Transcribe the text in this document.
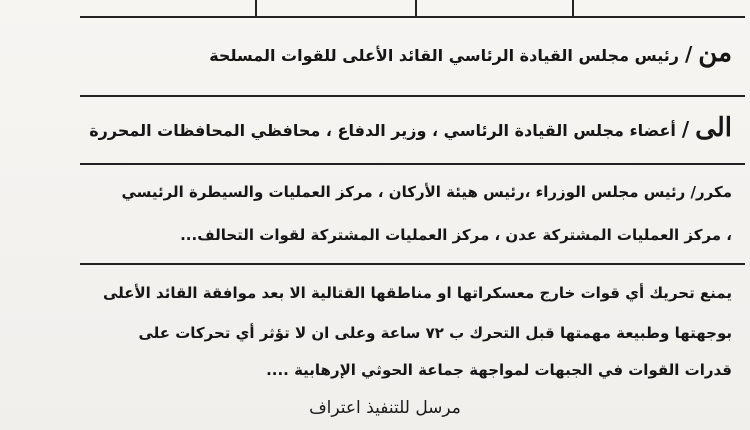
من/رئيس مجلس القيادة الرئاسي القائد الأعلى للقوات المسلحة
الى/أعضاء مجلس القيادة الرئاسي ، وزير الدفاع ، محافظي المحافظات المحررة
مكرر/ رئيس مجلس الوزراء ،رئيس هيئة الأركان ، مركز العمليات والسيطرة الرئيسي
، مركز العمليات المشتركة عدن ، مركز العمليات المشتركة لقوات التحالف...
يمنع تحريك أي قوات خارج معسكراتها او مناطقها القتالية الا بعد موافقة القائد الأعلى
بوجهتها وطبيعة مهمتها قبل التحرك ب ٧٢ ساعة وعلى ان لا تؤثر أي تحركات على
قدرات القوات في الجبهات لمواجهة جماعة الحوثي الإرهابية ....
مرسل للتنفيذ اعتراف
